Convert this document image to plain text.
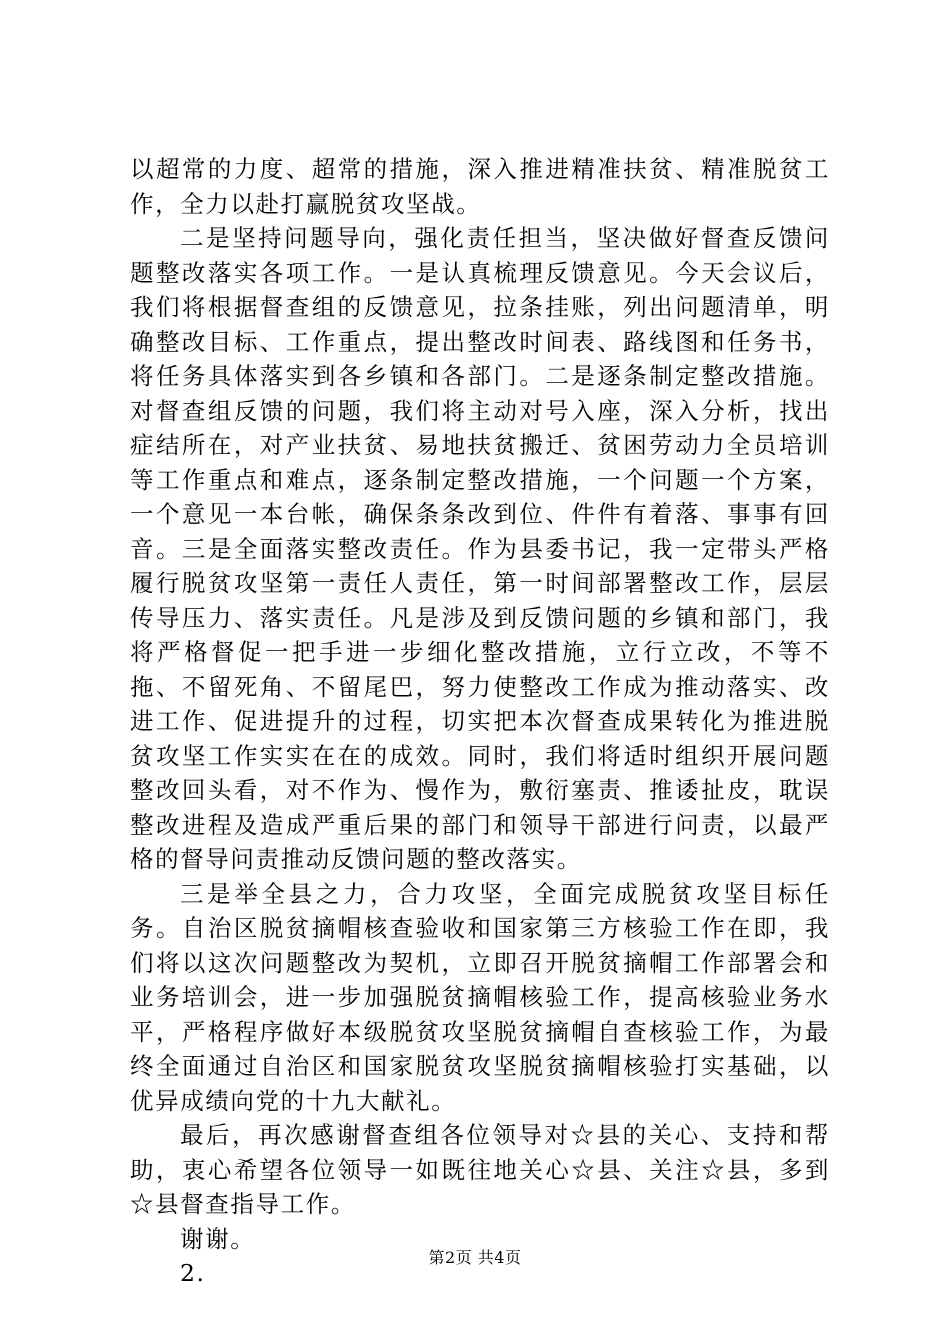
以超常的力度、超常的措施，深入推进精准扶贫、精准脱贫工作，全力以赴打赢脱贫攻坚战。

二是坚持问题导向，强化责任担当，坚决做好督查反馈问题整改落实各项工作。一是认真梳理反馈意见。今天会议后，我们将根据督查组的反馈意见，拉条挂账，列出问题清单，明确整改目标、工作重点，提出整改时间表、路线图和任务书，将任务具体落实到各乡镇和各部门。二是逐条制定整改措施。对督查组反馈的问题，我们将主动对号入座，深入分析，找出症结所在，对产业扶贫、易地扶贫搬迁、贫困劳动力全员培训等工作重点和难点，逐条制定整改措施，一个问题一个方案，一个意见一本台帐，确保条条改到位、件件有着落、事事有回音。三是全面落实整改责任。作为县委书记，我一定带头严格履行脱贫攻坚第一责任人责任，第一时间部署整改工作，层层传导压力、落实责任。凡是涉及到反馈问题的乡镇和部门，我将严格督促一把手进一步细化整改措施，立行立改，不等不拖、不留死角、不留尾巴，努力使整改工作成为推动落实、改进工作、促进提升的过程，切实把本次督查成果转化为推进脱贫攻坚工作实实在在的成效。同时，我们将适时组织开展问题整改回头看，对不作为、慢作为，敷衍塞责、推诿扯皮，耽误整改进程及造成严重后果的部门和领导干部进行问责，以最严格的督导问责推动反馈问题的整改落实。

三是举全县之力，合力攻坚，全面完成脱贫攻坚目标任务。自治区脱贫摘帽核查验收和国家第三方核验工作在即，我们将以这次问题整改为契机，立即召开脱贫摘帽工作部署会和业务培训会，进一步加强脱贫摘帽核验工作，提高核验业务水平，严格程序做好本级脱贫攻坚脱贫摘帽自查核验工作，为最终全面通过自治区和国家脱贫攻坚脱贫摘帽核验打实基础，以优异成绩向党的十九大献礼。

最后，再次感谢督查组各位领导对☆县的关心、支持和帮助，衷心希望各位领导一如既往地关心☆县、关注☆县，多到☆县督查指导工作。

谢谢。

2.

第2页 共4页
